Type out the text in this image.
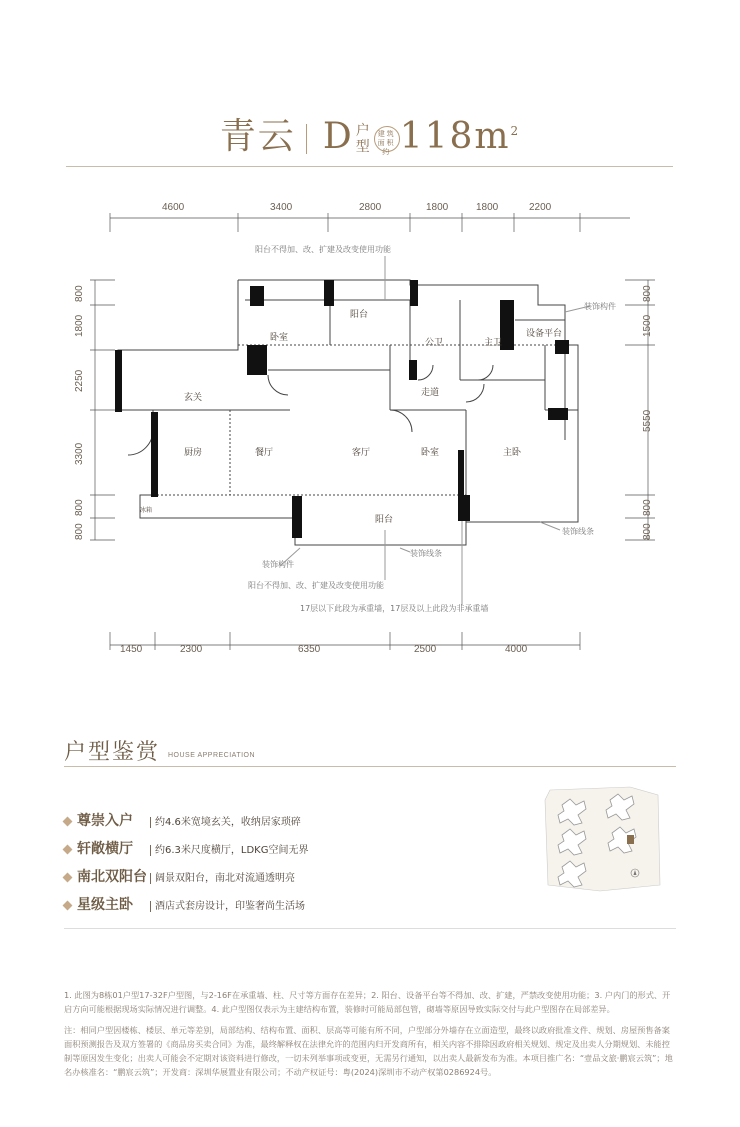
青云 D 户
型建筑
面积 约 $118m^2$
4600	3400	2800	1800	1800	2200
1450	2300	6350	2500	4000
800
1800
2250
3300
800
800
800
1500
5550
800
800
阳台
卧室	公卫	主卫
设备平台
玄关	走道
厨房	餐厅	客厅	卧室	主卧
阳台
冰箱
阳台不得加、改、扩建及改变使用功能
阳台不得加、改、扩建及改变使用功能
装饰构件
装饰构件
装饰线条
装饰线条
17层以下此段为承重墙，17层及以上此段为非承重墙
户型鉴赏 HOUSE APPRECIATION
尊崇入户	约4.6米宽境玄关，收纳居家琐碎
轩敞横厅	约6.3米尺度横厅，LDKG空间无界
南北双阳台 阔景双阳台，南北对流通透明亮
星级主卧	酒店式套房设计，印鉴奢尚生活场
1. 此图为8栋01户型17-32F户型图，与2-16F在承重墙、柱、尺寸等方面存在差异；2. 阳台、设备平台等不得加、改、扩建，严禁改变使用功能；3. 户内门的形式、开启方向可能根据现场实际情况进行调整。4. 此户型图仅表示为主建结构布置，装修时可能局部包管，砌墙等原因导致实际交付与此户型图存在局部差异。
注：相同户型因楼栋、楼层、单元等差别，局部结构、结构布置、面积、层高等可能有所不同，户型部分外墙存在立面造型，最终以政府批准文件、规划、房屋预售备案面积预测报告及双方签署的《商品房买卖合同》为准，最终解释权在法律允许的范围内归开发商所有，相关内容不排除因政府相关规划、规定及出卖人分期规划、未能控制等原因发生变化；出卖人可能会不定期对该资料进行修改，一切未列举事项或变更，无需另行通知，以出卖人最新发布为准。本项目推广名：“壹品文旅·鹏宸云筑”；地名办核准名：“鹏宸云筑”；开发商：深圳华展置业有限公司；不动产权证号：粤(2024)深圳市不动产权第0286924号。
